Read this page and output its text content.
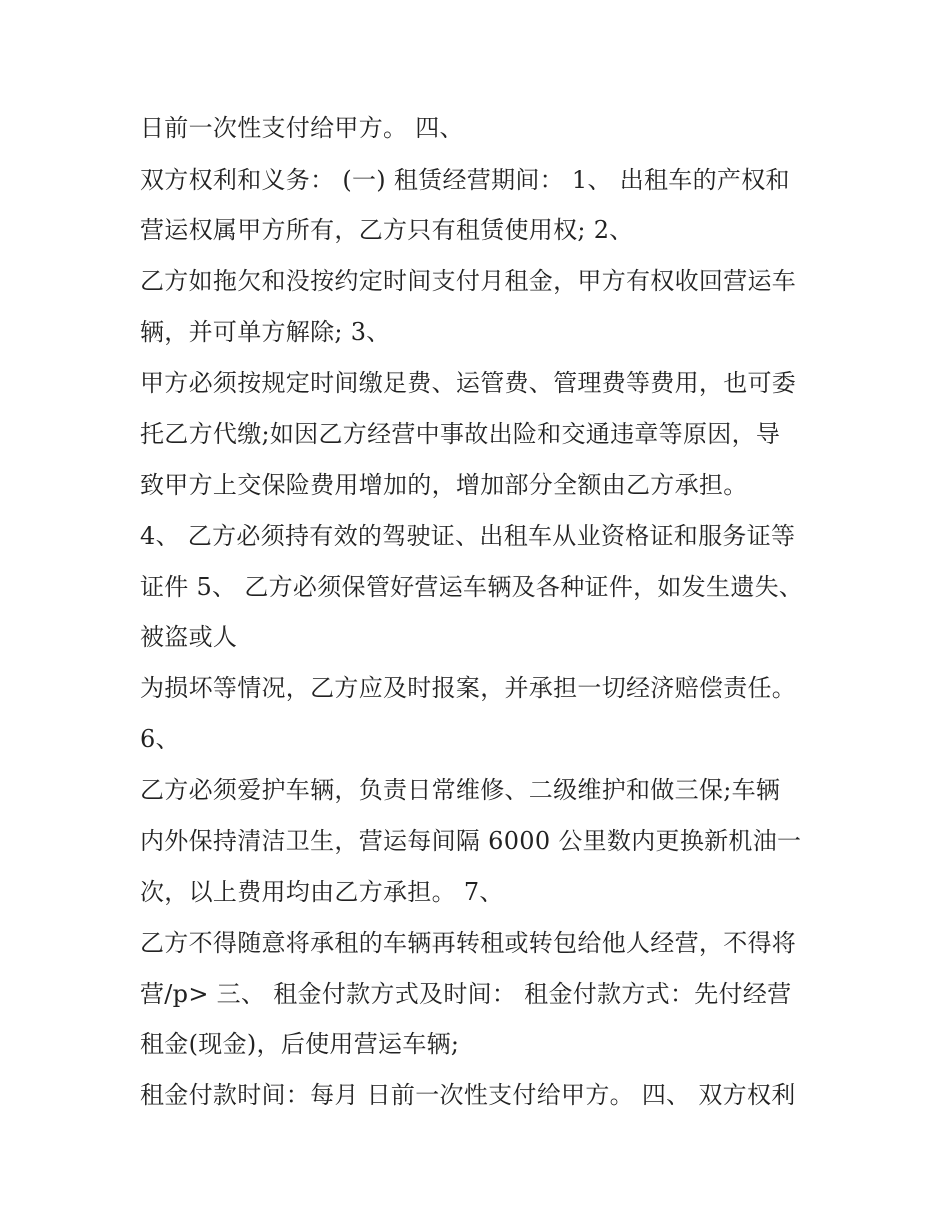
日前一次性支付给甲方。 四、
双方权利和义务： (一) 租赁经营期间： 1、 出租车的产权和
营运权属甲方所有，乙方只有租赁使用权; 2、
乙方如拖欠和没按约定时间支付月租金，甲方有权收回营运车
辆，并可单方解除; 3、
甲方必须按规定时间缴足费、运管费、管理费等费用，也可委
托乙方代缴;如因乙方经营中事故出险和交通违章等原因，导
致甲方上交保险费用增加的，增加部分全额由乙方承担。
4、 乙方必须持有效的驾驶证、出租车从业资格证和服务证等
证件 5、 乙方必须保管好营运车辆及各种证件，如发生遗失、
被盗或人
为损坏等情况，乙方应及时报案，并承担一切经济赔偿责任。
6、
乙方必须爱护车辆，负责日常维修、二级维护和做三保;车辆
内外保持清洁卫生，营运每间隔 6000 公里数内更换新机油一
次，以上费用均由乙方承担。 7、
乙方不得随意将承租的车辆再转租或转包给他人经营，不得将
营/p> 三、 租金付款方式及时间： 租金付款方式：先付经营
租金(现金)，后使用营运车辆;
租金付款时间：每月 日前一次性支付给甲方。 四、 双方权利
